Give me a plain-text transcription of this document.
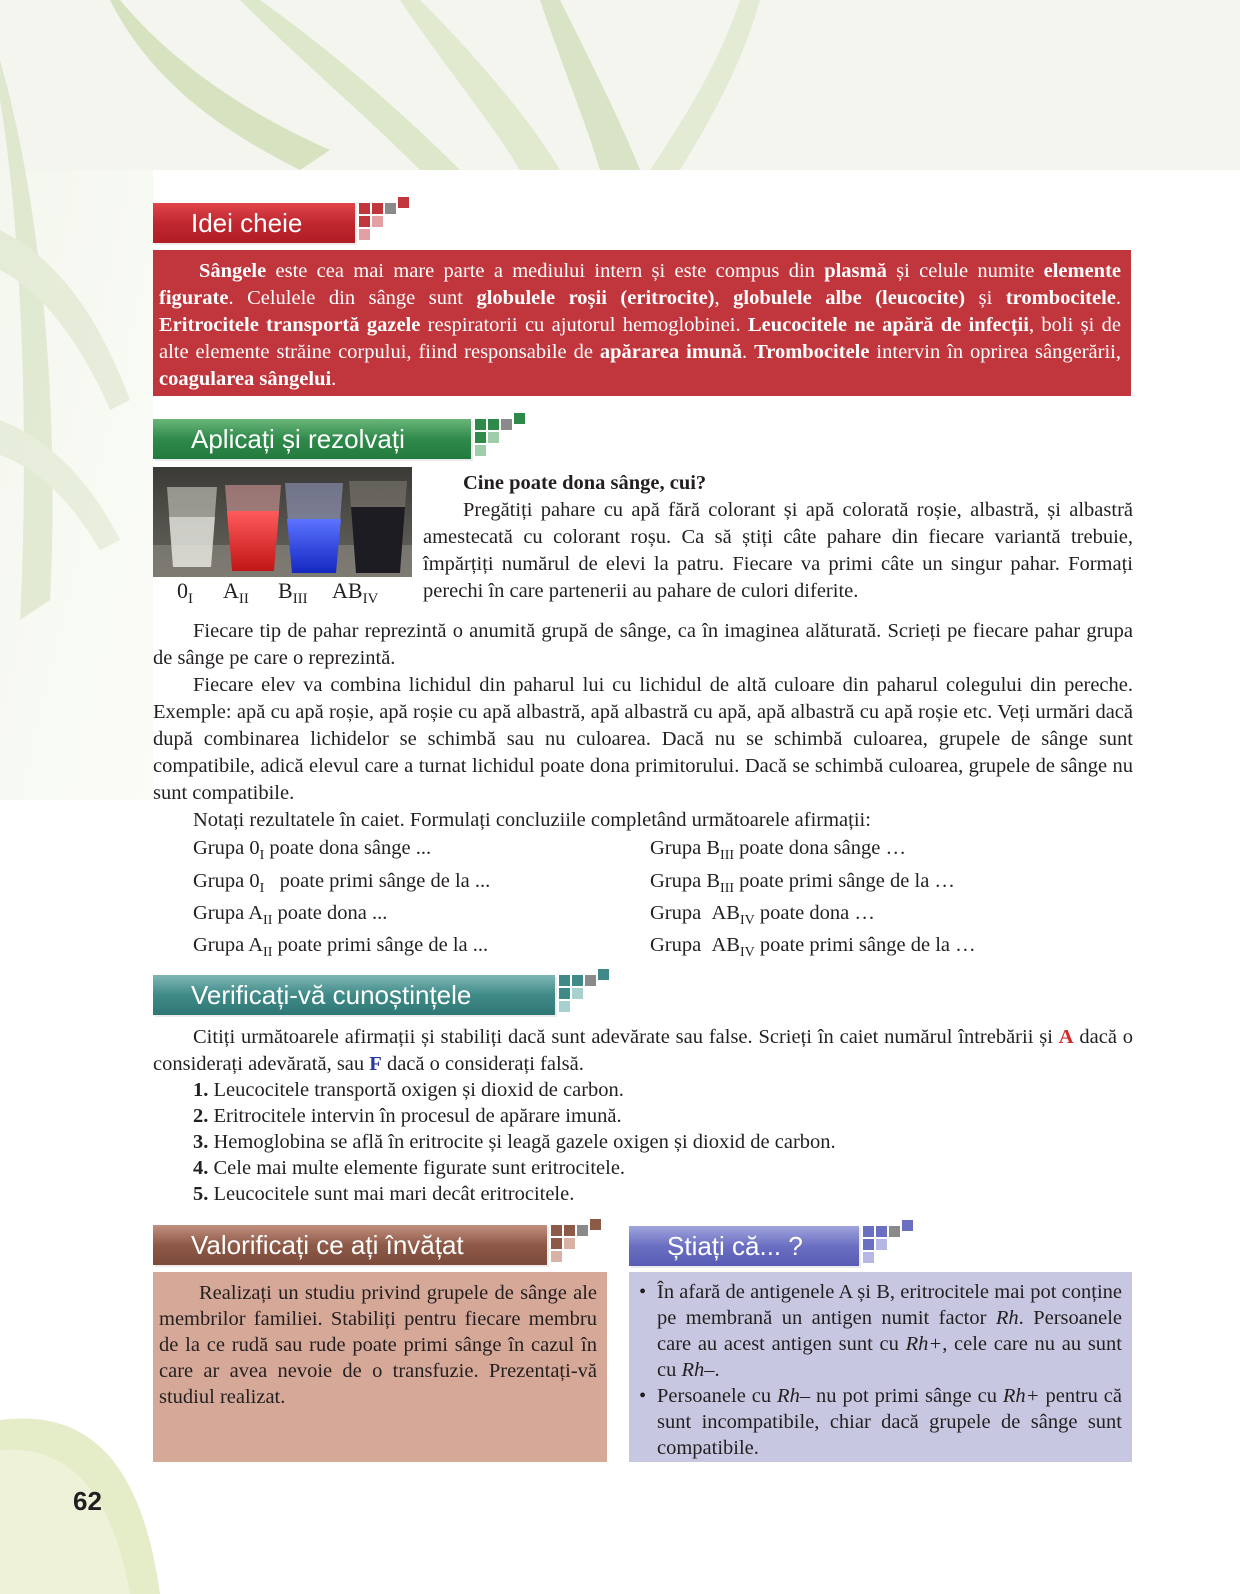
Idei cheie

Sângele este cea mai mare parte a mediului intern și este compus din plasmă și celule numite elemente figurate. Celulele din sânge sunt globulele roșii (eritrocite), globulele albe (leucocite) și trombocitele. Eritrocitele transportă gazele respiratorii cu ajutorul hemoglobinei. Leucocitele ne apără de infecții, boli și de alte elemente străine corpului, fiind responsabile de apărarea imună. Trombocitele intervin în oprirea sângerării, coagularea sângelui.

Aplicați și rezolvați
$0_I$ $A_{II}$ $B_{III}$ $AB_{IV}$
Cine poate dona sânge, cui?

Pregătiți pahare cu apă fără colorant și apă colorată roșie, albastră, și albastră amestecată cu colorant roșu. Ca să știți câte pahare din fiecare variantă trebuie, împărțiți numărul de elevi la patru. Fiecare va primi câte un singur pahar. Formați perechi în care partenerii au pahare de culori diferite.

Fiecare tip de pahar reprezintă o anumită grupă de sânge, ca în imaginea alăturată. Scrieți pe fiecare pahar grupa de sânge pe care o reprezintă.

Fiecare elev va combina lichidul din paharul lui cu lichidul de altă culoare din paharul colegului din pereche. Exemple: apă cu apă roșie, apă roșie cu apă albastră, apă albastră cu apă, apă albastră cu apă roșie etc. Veți urmări dacă după combinarea lichidelor se schimbă sau nu culoarea. Dacă nu se schimbă culoarea, grupele de sânge sunt compatibile, adică elevul care a turnat lichidul poate dona primitorului. Dacă se schimbă culoarea, grupele de sânge nu sunt compatibile.

Notați rezultatele în caiet. Formulați concluziile completând următoarele afirmații:

Grupa $0_I$ poate dona sânge ...
Grupa $0_I$ poate primi sânge de la ...
Grupa $A_{II}$ poate dona ...
Grupa $A_{II}$ poate primi sânge de la ...
Grupa $B_{III}$ poate dona sânge …
Grupa $B_{III}$ poate primi sânge de la …
Grupa $AB_{IV}$ poate dona …
Grupa $AB_{IV}$ poate primi sânge de la …
Verificați-vă cunoștințele

Citiți următoarele afirmații și stabiliți dacă sunt adevărate sau false. Scrieți în caiet numărul întrebării și A dacă o considerați adevărată, sau F dacă o considerați falsă.

1. Leucocitele transportă oxigen și dioxid de carbon.
2. Eritrocitele intervin în procesul de apărare imună.
3. Hemoglobina se află în eritrocite și leagă gazele oxigen și dioxid de carbon.
4. Cele mai multe elemente figurate sunt eritrocitele.
5. Leucocitele sunt mai mari decât eritrocitele.
Valorificați ce ați învățat

Realizați un studiu privind grupele de sânge ale membrilor familiei. Stabiliți pentru fiecare membru de la ce rudă sau rude poate primi sânge în cazul în care ar avea nevoie de o transfuzie. Prezentați-vă studiul realizat.

Știați că... ?
• În afară de antigenele A și B, eritrocitele mai pot conține pe membrană un antigen numit factor Rh. Persoanele care au acest antigen sunt cu Rh+, cele care nu au sunt cu Rh–.
• Persoanele cu Rh– nu pot primi sânge cu Rh+ pentru că sunt incompatibile, chiar dacă grupele de sânge sunt compatibile.
62
